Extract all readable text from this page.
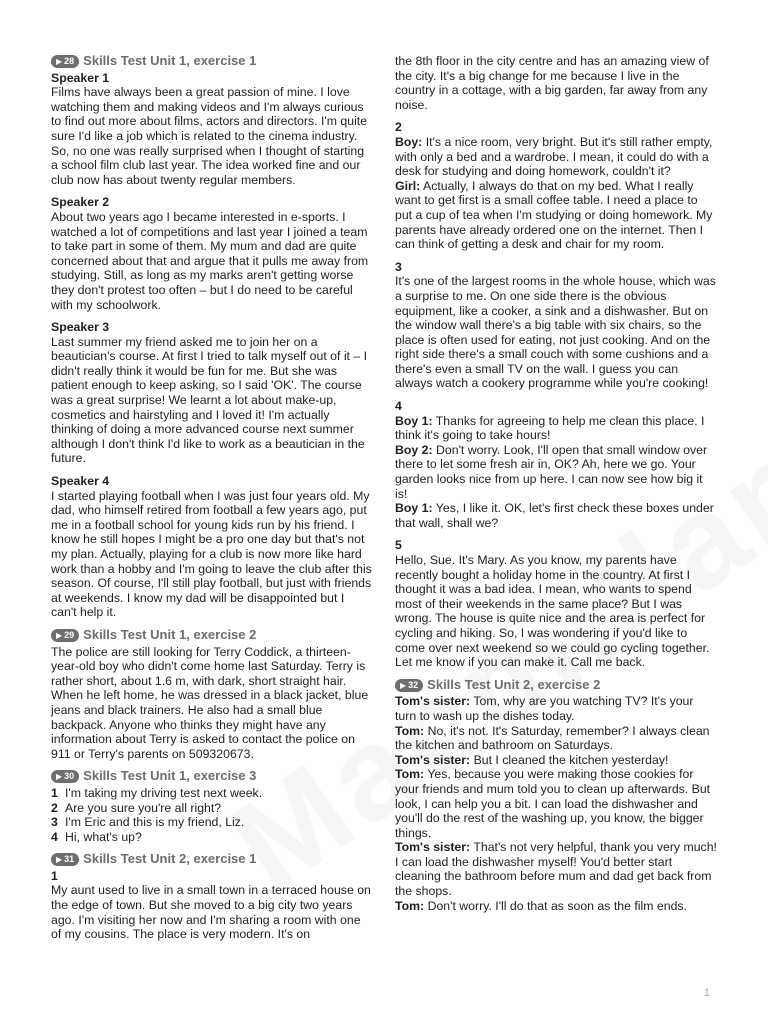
▶︎ 28 Skills Test Unit 1, exercise 1

Speaker 1

Films have always been a great passion of mine. I love watching them and making videos and I'm always curious to find out more about films, actors and directors. I'm quite sure I'd like a job which is related to the cinema industry. So, no one was really surprised when I thought of starting a school film club last year. The idea worked fine and our club now has about twenty regular members.

Speaker 2

About two years ago I became interested in e-sports. I watched a lot of competitions and last year I joined a team to take part in some of them. My mum and dad are quite concerned about that and argue that it pulls me away from studying. Still, as long as my marks aren't getting worse they don't protest too often – but I do need to be careful with my schoolwork.

Speaker 3

Last summer my friend asked me to join her on a beautician's course. At first I tried to talk myself out of it – I didn't really think it would be fun for me. But she was patient enough to keep asking, so I said 'OK'. The course was a great surprise! We learnt a lot about make-up, cosmetics and hairstyling and I loved it! I'm actually thinking of doing a more advanced course next summer although I don't think I'd like to work as a beautician in the future.

Speaker 4

I started playing football when I was just four years old. My dad, who himself retired from football a few years ago, put me in a football school for young kids run by his friend. I know he still hopes I might be a pro one day but that's not my plan. Actually, playing for a club is now more like hard work than a hobby and I'm going to leave the club after this season. Of course, I'll still play football, but just with friends at weekends. I know my dad will be disappointed but I can't help it.

▶︎ 29 Skills Test Unit 1, exercise 2

The police are still looking for Terry Coddick, a thirteen-year-old boy who didn't come home last Saturday. Terry is rather short, about 1.6 m, with dark, short straight hair. When he left home, he was dressed in a black jacket, blue jeans and black trainers. He also had a small blue backpack. Anyone who thinks they might have any information about Terry is asked to contact the police on 911 or Terry's parents on 509320673.

▶︎ 30 Skills Test Unit 1, exercise 3
1 I'm taking my driving test next week.
2 Are you sure you're all right?
3 I'm Eric and this is my friend, Liz.
4 Hi, what's up?
▶︎ 31 Skills Test Unit 2, exercise 1

1

My aunt used to live in a small town in a terraced house on the edge of town. But she moved to a big city two years ago. I'm visiting her now and I'm sharing a room with one of my cousins. The place is very modern. It's on

the 8th floor in the city centre and has an amazing view of the city. It's a big change for me because I live in the country in a cottage, with a big garden, far away from any noise.

2

Boy: It's a nice room, very bright. But it's still rather empty, with only a bed and a wardrobe. I mean, it could do with a desk for studying and doing homework, couldn't it?

Girl: Actually, I always do that on my bed. What I really want to get first is a small coffee table. I need a place to put a cup of tea when I'm studying or doing homework. My parents have already ordered one on the internet. Then I can think of getting a desk and chair for my room.

3

It's one of the largest rooms in the whole house, which was a surprise to me. On one side there is the obvious equipment, like a cooker, a sink and a dishwasher. But on the window wall there's a big table with six chairs, so the place is often used for eating, not just cooking. And on the right side there's a small couch with some cushions and a there's even a small TV on the wall. I guess you can always watch a cookery programme while you're cooking!

4

Boy 1: Thanks for agreeing to help me clean this place. I think it's going to take hours!

Boy 2: Don't worry. Look, I'll open that small window over there to let some fresh air in, OK? Ah, here we go. Your garden looks nice from up here. I can now see how big it is!

Boy 1: Yes, I like it. OK, let's first check these boxes under that wall, shall we?

5

Hello, Sue. It's Mary. As you know, my parents have recently bought a holiday home in the country. At first I thought it was a bad idea. I mean, who wants to spend most of their weekends in the same place? But I was wrong. The house is quite nice and the area is perfect for cycling and hiking. So, I was wondering if you'd like to come over next weekend so we could go cycling together. Let me know if you can make it. Call me back.

▶︎ 32 Skills Test Unit 2, exercise 2

Tom's sister: Tom, why are you watching TV? It's your turn to wash up the dishes today.

Tom: No, it's not. It's Saturday, remember? I always clean the kitchen and bathroom on Saturdays.

Tom's sister: But I cleaned the kitchen yesterday!

Tom: Yes, because you were making those cookies for your friends and mum told you to clean up afterwards. But look, I can help you a bit. I can load the dishwasher and you'll do the rest of the washing up, you know, the bigger things.

Tom's sister: That's not very helpful, thank you very much! I can load the dishwasher myself! You'd better start cleaning the bathroom before mum and dad get back from the shops.

Tom: Don't worry. I'll do that as soon as the film ends.

1
